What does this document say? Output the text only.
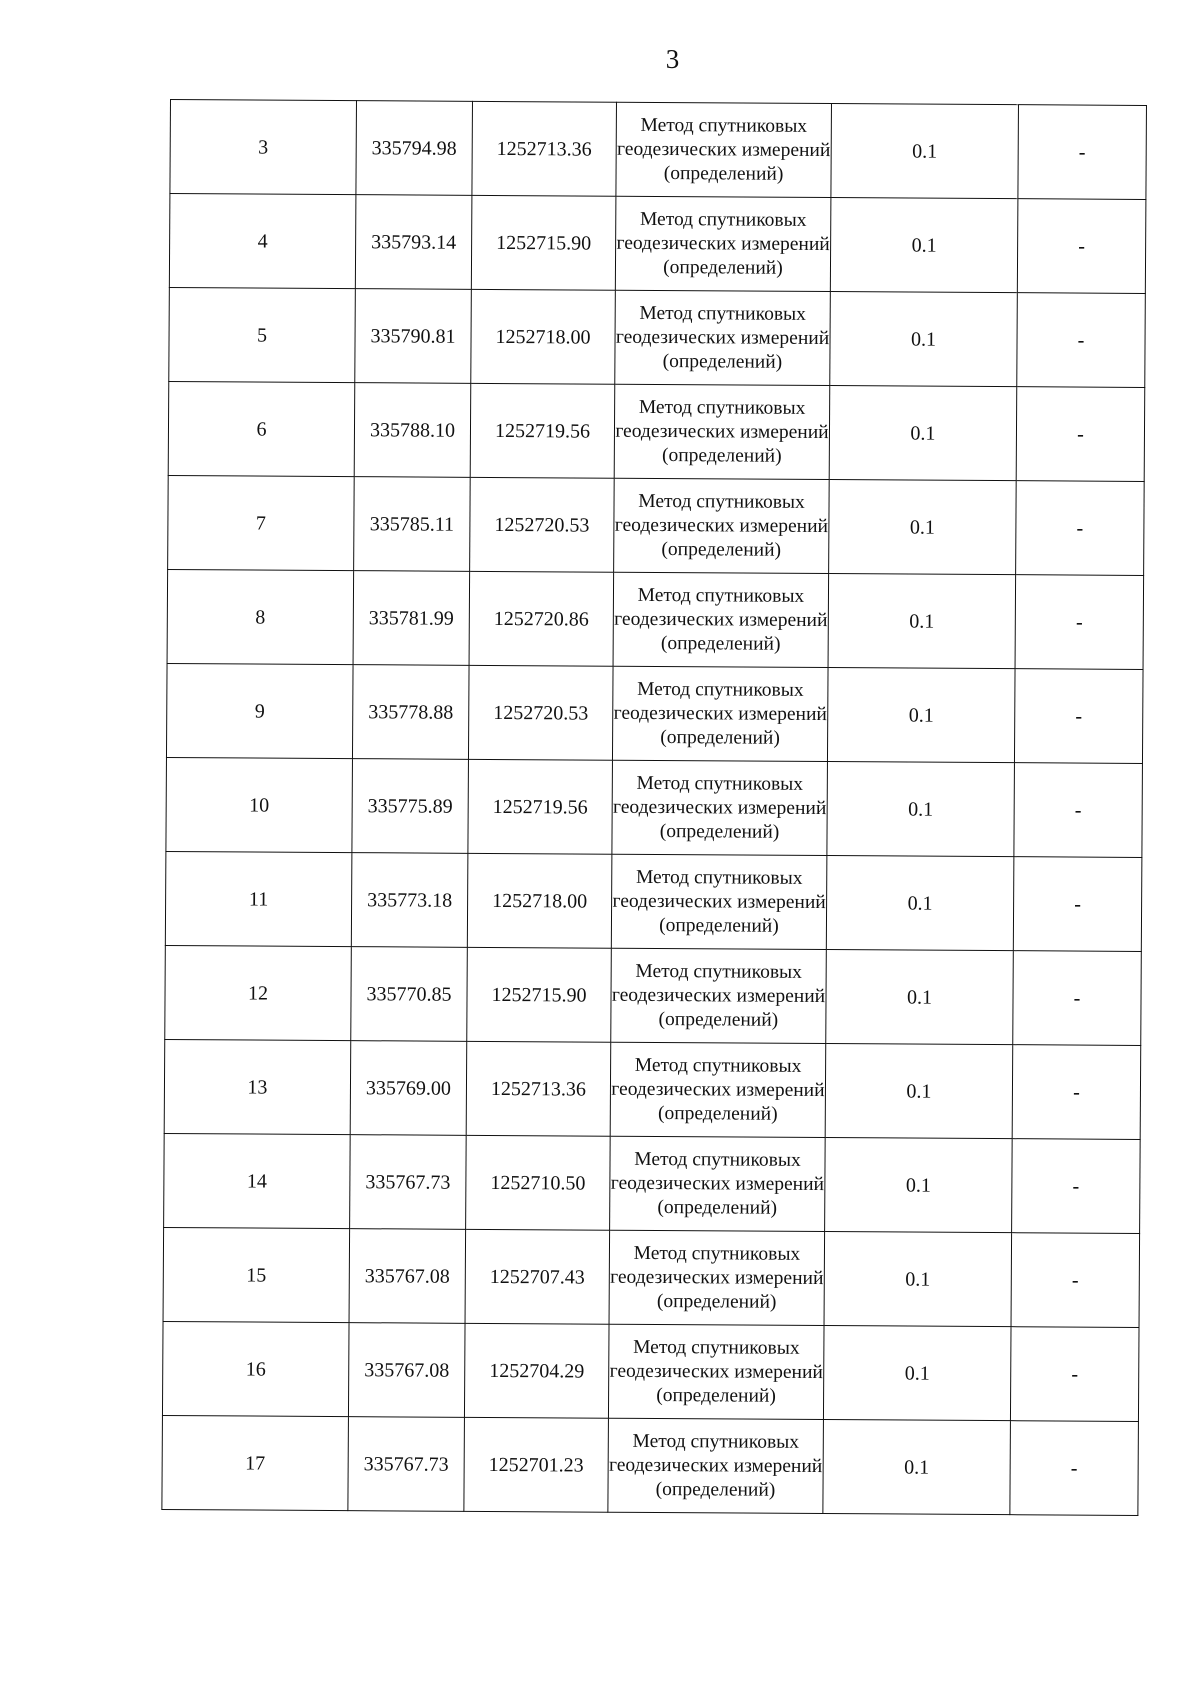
3
3	335794.98	1252713.36	Метод спутниковых геодезических измерений (определений)	0.1	-
4	335793.14	1252715.90	Метод спутниковых геодезических измерений (определений)	0.1	-
5	335790.81	1252718.00	Метод спутниковых геодезических измерений (определений)	0.1	-
6	335788.10	1252719.56	Метод спутниковых геодезических измерений (определений)	0.1	-
7	335785.11	1252720.53	Метод спутниковых геодезических измерений (определений)	0.1	-
8	335781.99	1252720.86	Метод спутниковых геодезических измерений (определений)	0.1	-
9	335778.88	1252720.53	Метод спутниковых геодезических измерений (определений)	0.1	-
10	335775.89	1252719.56	Метод спутниковых геодезических измерений (определений)	0.1	-
11	335773.18	1252718.00	Метод спутниковых геодезических измерений (определений)	0.1	-
12	335770.85	1252715.90	Метод спутниковых геодезических измерений (определений)	0.1	-
13	335769.00	1252713.36	Метод спутниковых геодезических измерений (определений)	0.1	-
14	335767.73	1252710.50	Метод спутниковых геодезических измерений (определений)	0.1	-
15	335767.08	1252707.43	Метод спутниковых геодезических измерений (определений)	0.1	-
16	335767.08	1252704.29	Метод спутниковых геодезических измерений (определений)	0.1	-
17	335767.73	1252701.23	Метод спутниковых геодезических измерений (определений)	0.1	-
